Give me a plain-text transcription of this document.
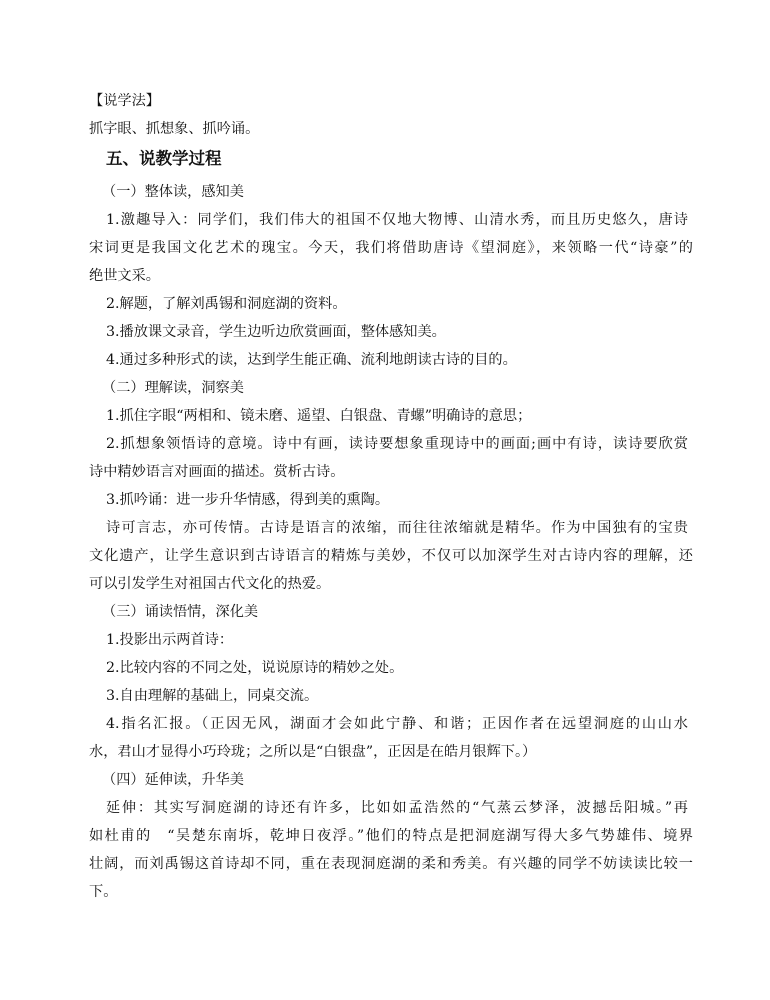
【说学法】
抓字眼、抓想象、抓吟诵。
五、说教学过程
（一）整体读，感知美
1.激趣导入：同学们，我们伟大的祖国不仅地大物博、山清水秀，而且历史悠久，唐诗
宋词更是我国文化艺术的瑰宝。今天，我们将借助唐诗《望洞庭》，来领略一代“诗豪”的
绝世文采。
2.解题，了解刘禹锡和洞庭湖的资料。
3.播放课文录音，学生边听边欣赏画面，整体感知美。
4.通过多种形式的读，达到学生能正确、流利地朗读古诗的目的。
（二）理解读，洞察美
1.抓住字眼“两相和、镜未磨、遥望、白银盘、青螺”明确诗的意思；
2.抓想象领悟诗的意境。诗中有画，读诗要想象重现诗中的画面;画中有诗，读诗要欣赏
诗中精妙语言对画面的描述。赏析古诗。
3.抓吟诵：进一步升华情感，得到美的熏陶。
诗可言志，亦可传情。古诗是语言的浓缩，而往往浓缩就是精华。作为中国独有的宝贵
文化遗产，让学生意识到古诗语言的精炼与美妙，不仅可以加深学生对古诗内容的理解，还
可以引发学生对祖国古代文化的热爱。
（三）诵读悟情，深化美
1.投影出示两首诗：
2.比较内容的不同之处，说说原诗的精妙之处。
3.自由理解的基础上，同桌交流。
4.指名汇报。（正因无风，湖面才会如此宁静、和谐；正因作者在远望洞庭的山山水
水，君山才显得小巧玲珑；之所以是“白银盘”，正因是在皓月银辉下。）
（四）延伸读，升华美
延伸：其实写洞庭湖的诗还有许多，比如如孟浩然的“气蒸云梦泽，波撼岳阳城。”再
如杜甫的　“吴楚东南坼，乾坤日夜浮。”他们的特点是把洞庭湖写得大多气势雄伟、境界
壮阔，而刘禹锡这首诗却不同，重在表现洞庭湖的柔和秀美。有兴趣的同学不妨读读比较一
下。
